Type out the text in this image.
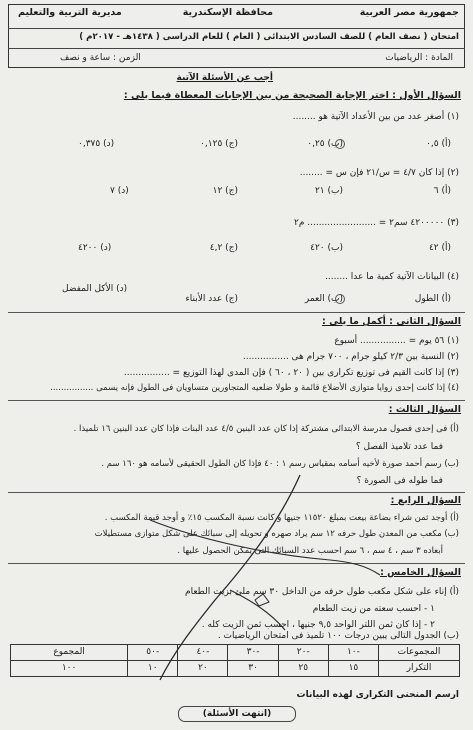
جمهورية مصر العربية
محافظة الإسكندرية
مديرية التربية والتعليم
امتحان ( نصف العام ) للصف السادس الابتدائى ( العام ) للعام الدراسى ( ١٤٣٨هـ - ٢٠١٧م )
المادة : الرياضيات
الزمن : ساعة و نصف
أجب عن الأسئلة الآتية
السؤال الأول : اختر الإجابة الصحيحة من بين الإجابات المعطاة فيما يلى :
(١) أصغر عدد من بين الأعداد الآتية هو ........
(أ) ٠,٥
(ب) ٠,٢٥
(ج) ٠,١٢٥
(د) ٠,٣٧٥
(٢) إذا كان ٤/٧ = س/٢١ فإن س = ........
(أ) ٦
(ب) ٢١
(ج) ١٢
(د) ٧
(٣) ٤٢٠٠٠٠٠ سم٢ = ........................ م٢
(أ) ٤٢
(ب) ٤٢٠
(ج) ٤,٢
(د) ٤٢٠٠
(٤) البيانات الآتية كمية ما عدا ........
(أ) الطول
(ب) العمر
(ج) عدد الأبناء
(د) الأكل المفضل
السؤال الثانى : أكمل ما يلى :
(١) ٥٦ يوم = ................ أسبوع
(٢) النسبة بين ٢/٣ كيلو جرام ، ٧٠٠ جرام هى ................
(٣) إذا كانت القيم فى توزيع تكرارى بين ( ٢٠ ، ٦٠ ) فإن المدى لهذا التوزيع = ................
(٤) إذا كانت إحدى زوايا متوازى الأضلاع قائمة و طولا ضلعيه المتجاورين متساويان فى الطول فإنه يسمى ................
السؤال الثالث :
(أ) فى إحدى فصول مدرسة الابتدائى مشتركة إذا كان عدد البنين ٤/٥ عدد البنات فإذا كان عدد البنين ١٦ تلميذا .
فما عدد تلاميذ الفصل ؟
(ب) رسم أحمد صورة لأخيه أسامه بمقياس رسم ١ : ٤٠ فإذا كان الطول الحقيقى لأسامه هو ١٦٠ سم .
فما طوله فى الصورة ؟
السؤال الرابع :
(أ) أوجد ثمن شراء بضاعة بيعت بمبلغ ١١٥٢٠ جنيها و كانت نسبة المكسب ١٥٪ و أوجد قيمة المكسب .
(ب) مكعب من المعدن طول حرفه ١٢ سم يراد صهره و تحويله إلى سبائك على شكل متوازى مستطيلات
أبعاده ٣ سم ، ٤ سم ، ٦ سم احسب عدد السبائك التى يمكن الحصول عليها .
السؤال الخامس :
(أ) إناء على شكل مكعب طول حرفه من الداخل ٣٠ سم ملئ بزيت الطعام
١ - احسب سعته من زيت الطعام
٢ - إذا كان ثمن اللتر الواحد ٩,٥ جنيها ، احسب ثمن الزيت كله .
(ب) الجدول التالى يبين درجات ١٠٠ تلميذ فى امتحان الرياضيات .
المجموعات	-١٠	-٢٠	-٣٠	-٤٠	-٥٠	المجموع
التكرار	١٥	٢٥	٣٠	٢٠	١٠	١٠٠
ارسم المنحنى التكرارى لهذه البيانات
(انتهت الأسئلة)
